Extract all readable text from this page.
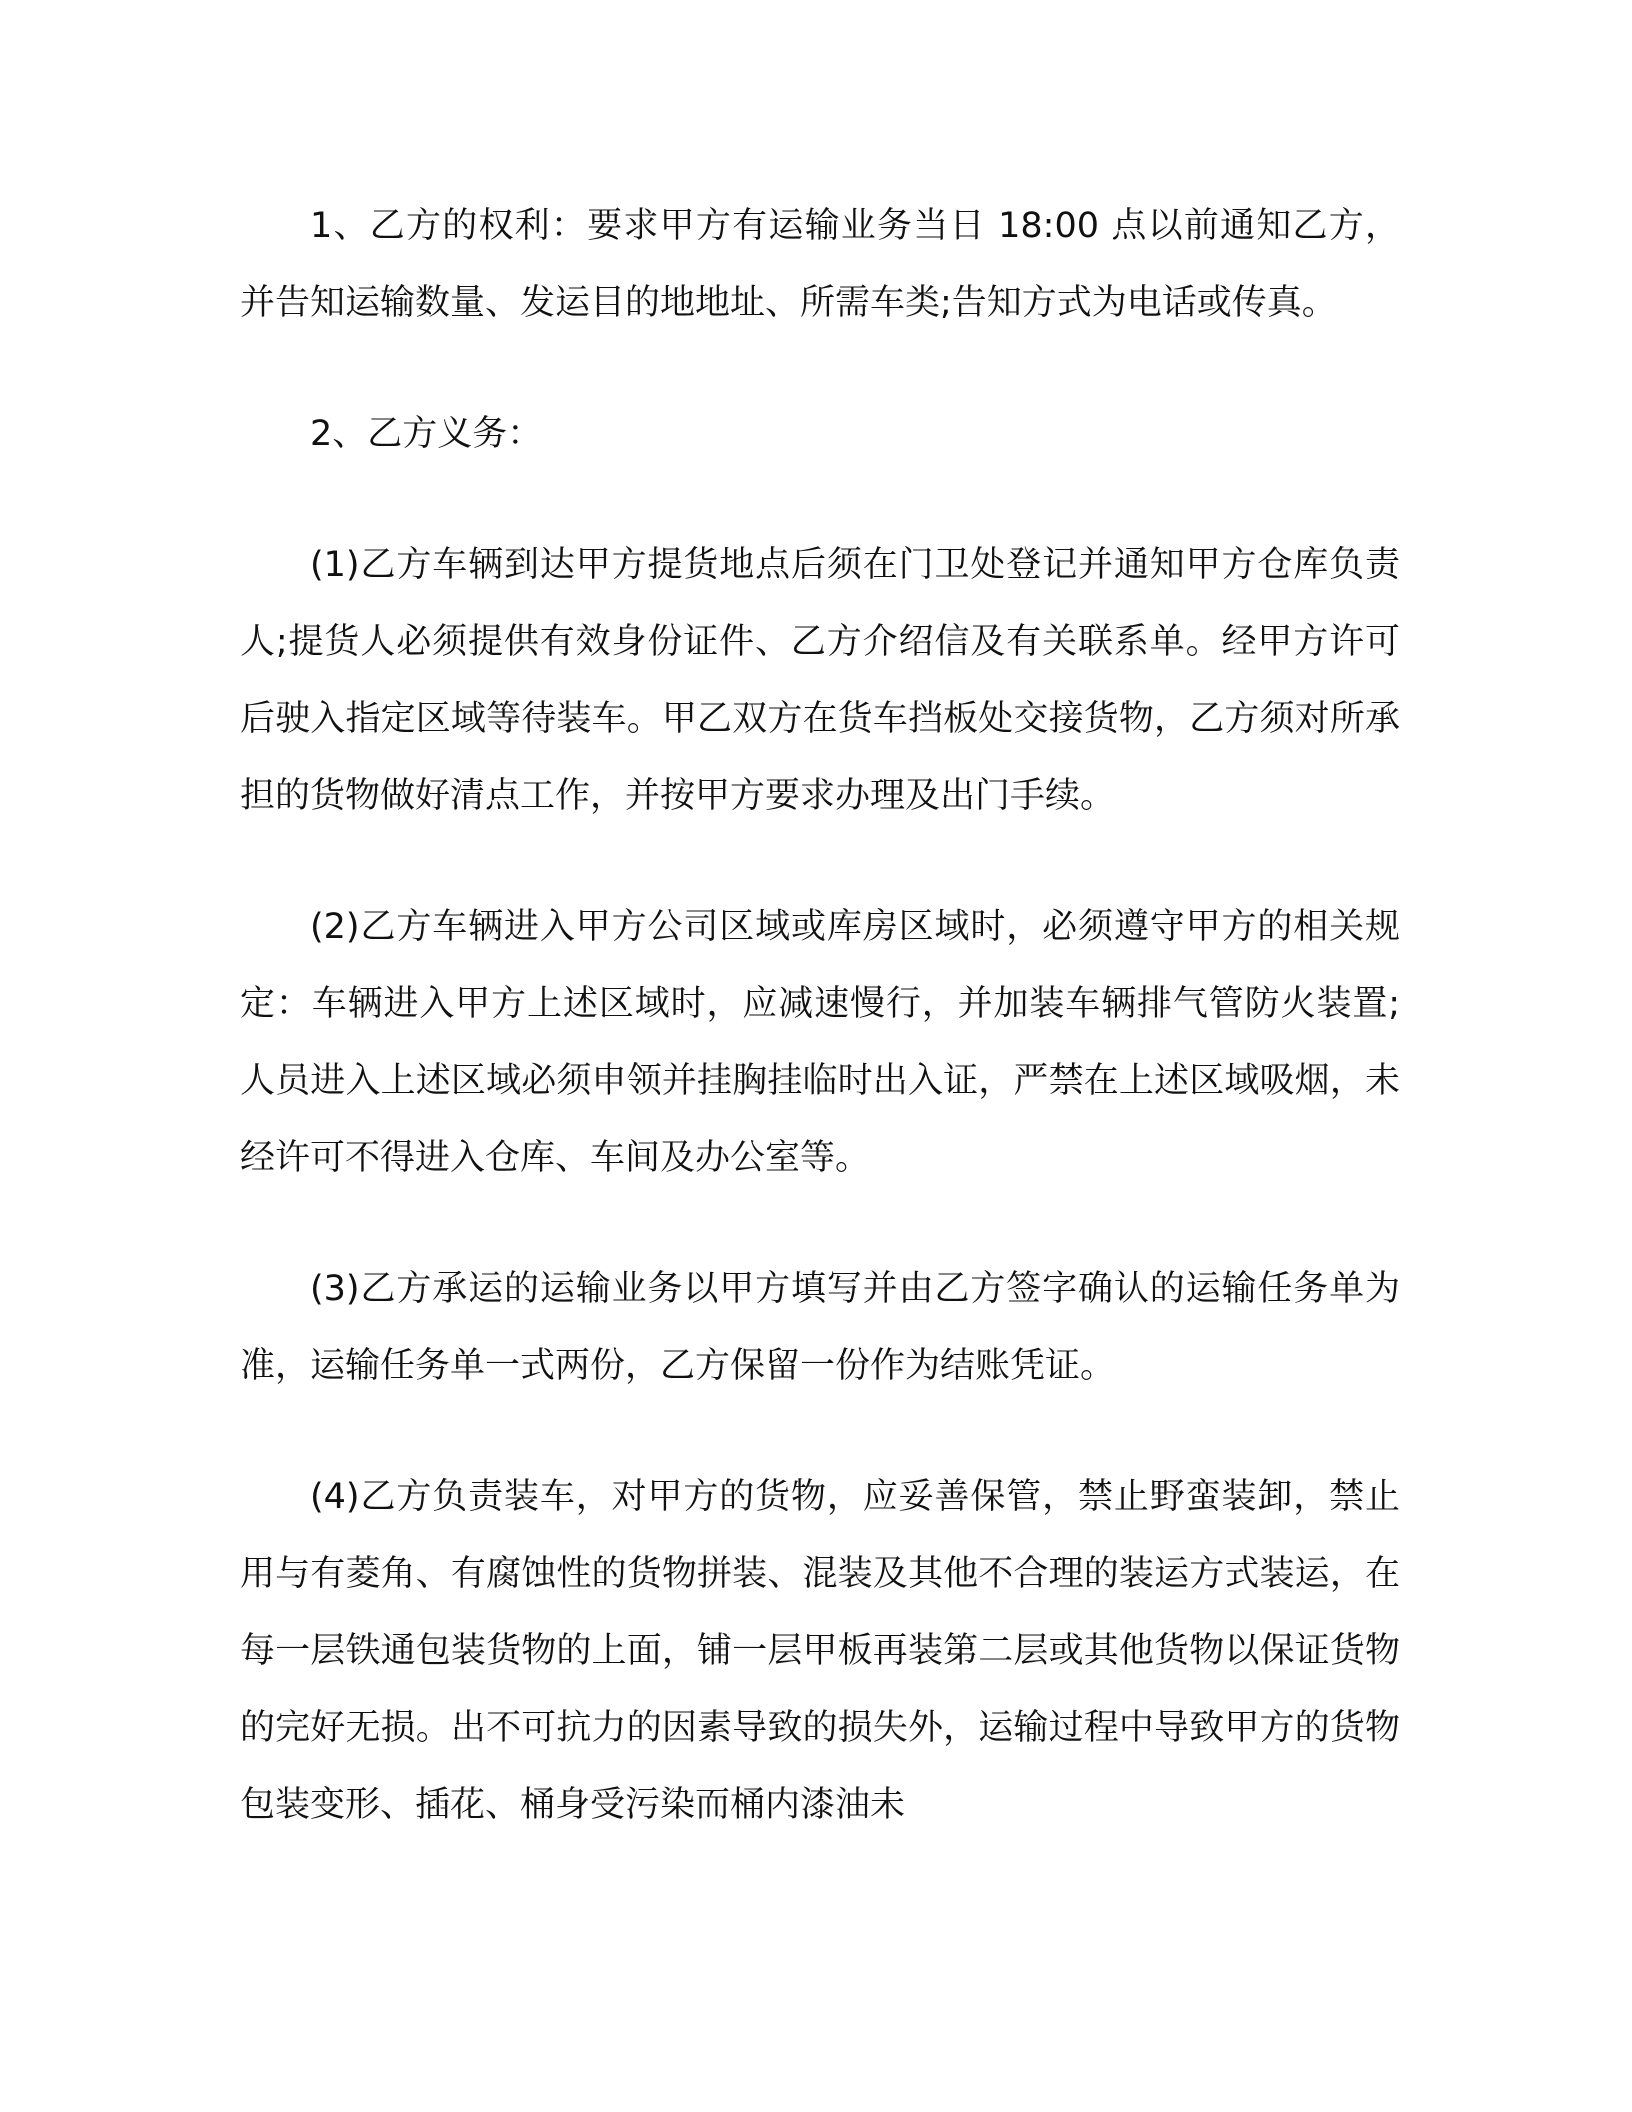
1、乙方的权利：要求甲方有运输业务当日 18:00 点以前通知乙方，并告知运输数量、发运目的地地址、所需车类;告知方式为电话或传真。

2、乙方义务：

(1)乙方车辆到达甲方提货地点后须在门卫处登记并通知甲方仓库负责人;提货人必须提供有效身份证件、乙方介绍信及有关联系单。经甲方许可后驶入指定区域等待装车。甲乙双方在货车挡板处交接货物，乙方须对所承担的货物做好清点工作，并按甲方要求办理及出门手续。

(2)乙方车辆进入甲方公司区域或库房区域时，必须遵守甲方的相关规定：车辆进入甲方上述区域时，应减速慢行，并加装车辆排气管防火装置;人员进入上述区域必须申领并挂胸挂临时出入证，严禁在上述区域吸烟，未经许可不得进入仓库、车间及办公室等。

(3)乙方承运的运输业务以甲方填写并由乙方签字确认的运输任务单为准，运输任务单一式两份，乙方保留一份作为结账凭证。

(4)乙方负责装车，对甲方的货物，应妥善保管，禁止野蛮装卸，禁止用与有菱角、有腐蚀性的货物拼装、混装及其他不合理的装运方式装运，在每一层铁通包装货物的上面，铺一层甲板再装第二层或其他货物以保证货物的完好无损。出不可抗力的因素导致的损失外，运输过程中导致甲方的货物包装变形、插花、桶身受污染而桶内漆油未
